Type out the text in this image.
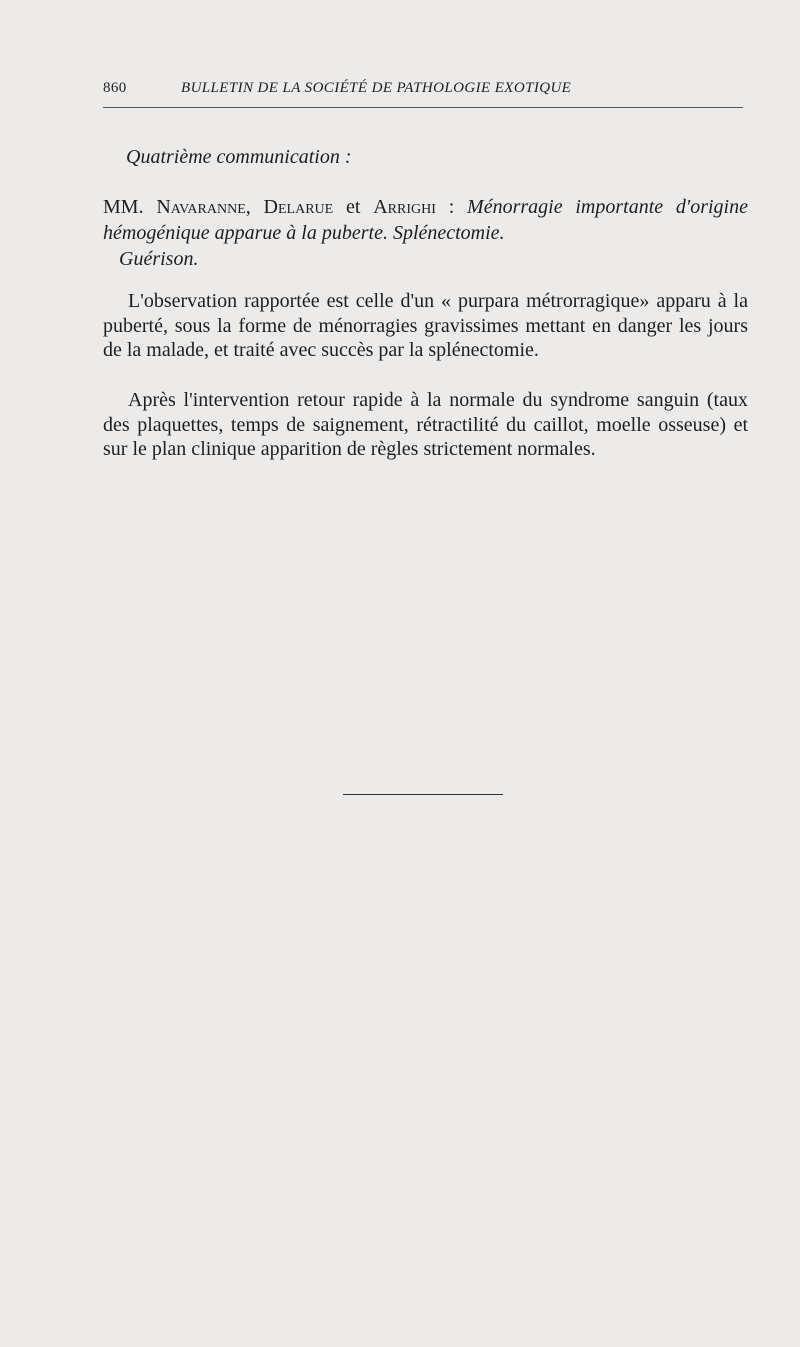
860	BULLETIN DE LA SOCIÉTÉ DE PATHOLOGIE EXOTIQUE
Quatrième communication :
MM. Navaranne, Delarue et Arrighi : Ménorragie importante d'origine hémogénique apparue à la puberte. Splénectomie.
Guérison.

L'observation rapportée est celle d'un « purpara métrorragique» apparu à la puberté, sous la forme de ménorragies gravissimes mettant en danger les jours de la malade, et traité avec succès par la splénectomie.

Après l'intervention retour rapide à la normale du syndrome sanguin (taux des plaquettes, temps de saignement, rétractilité du caillot, moelle osseuse) et sur le plan clinique apparition de règles strictement normales.
